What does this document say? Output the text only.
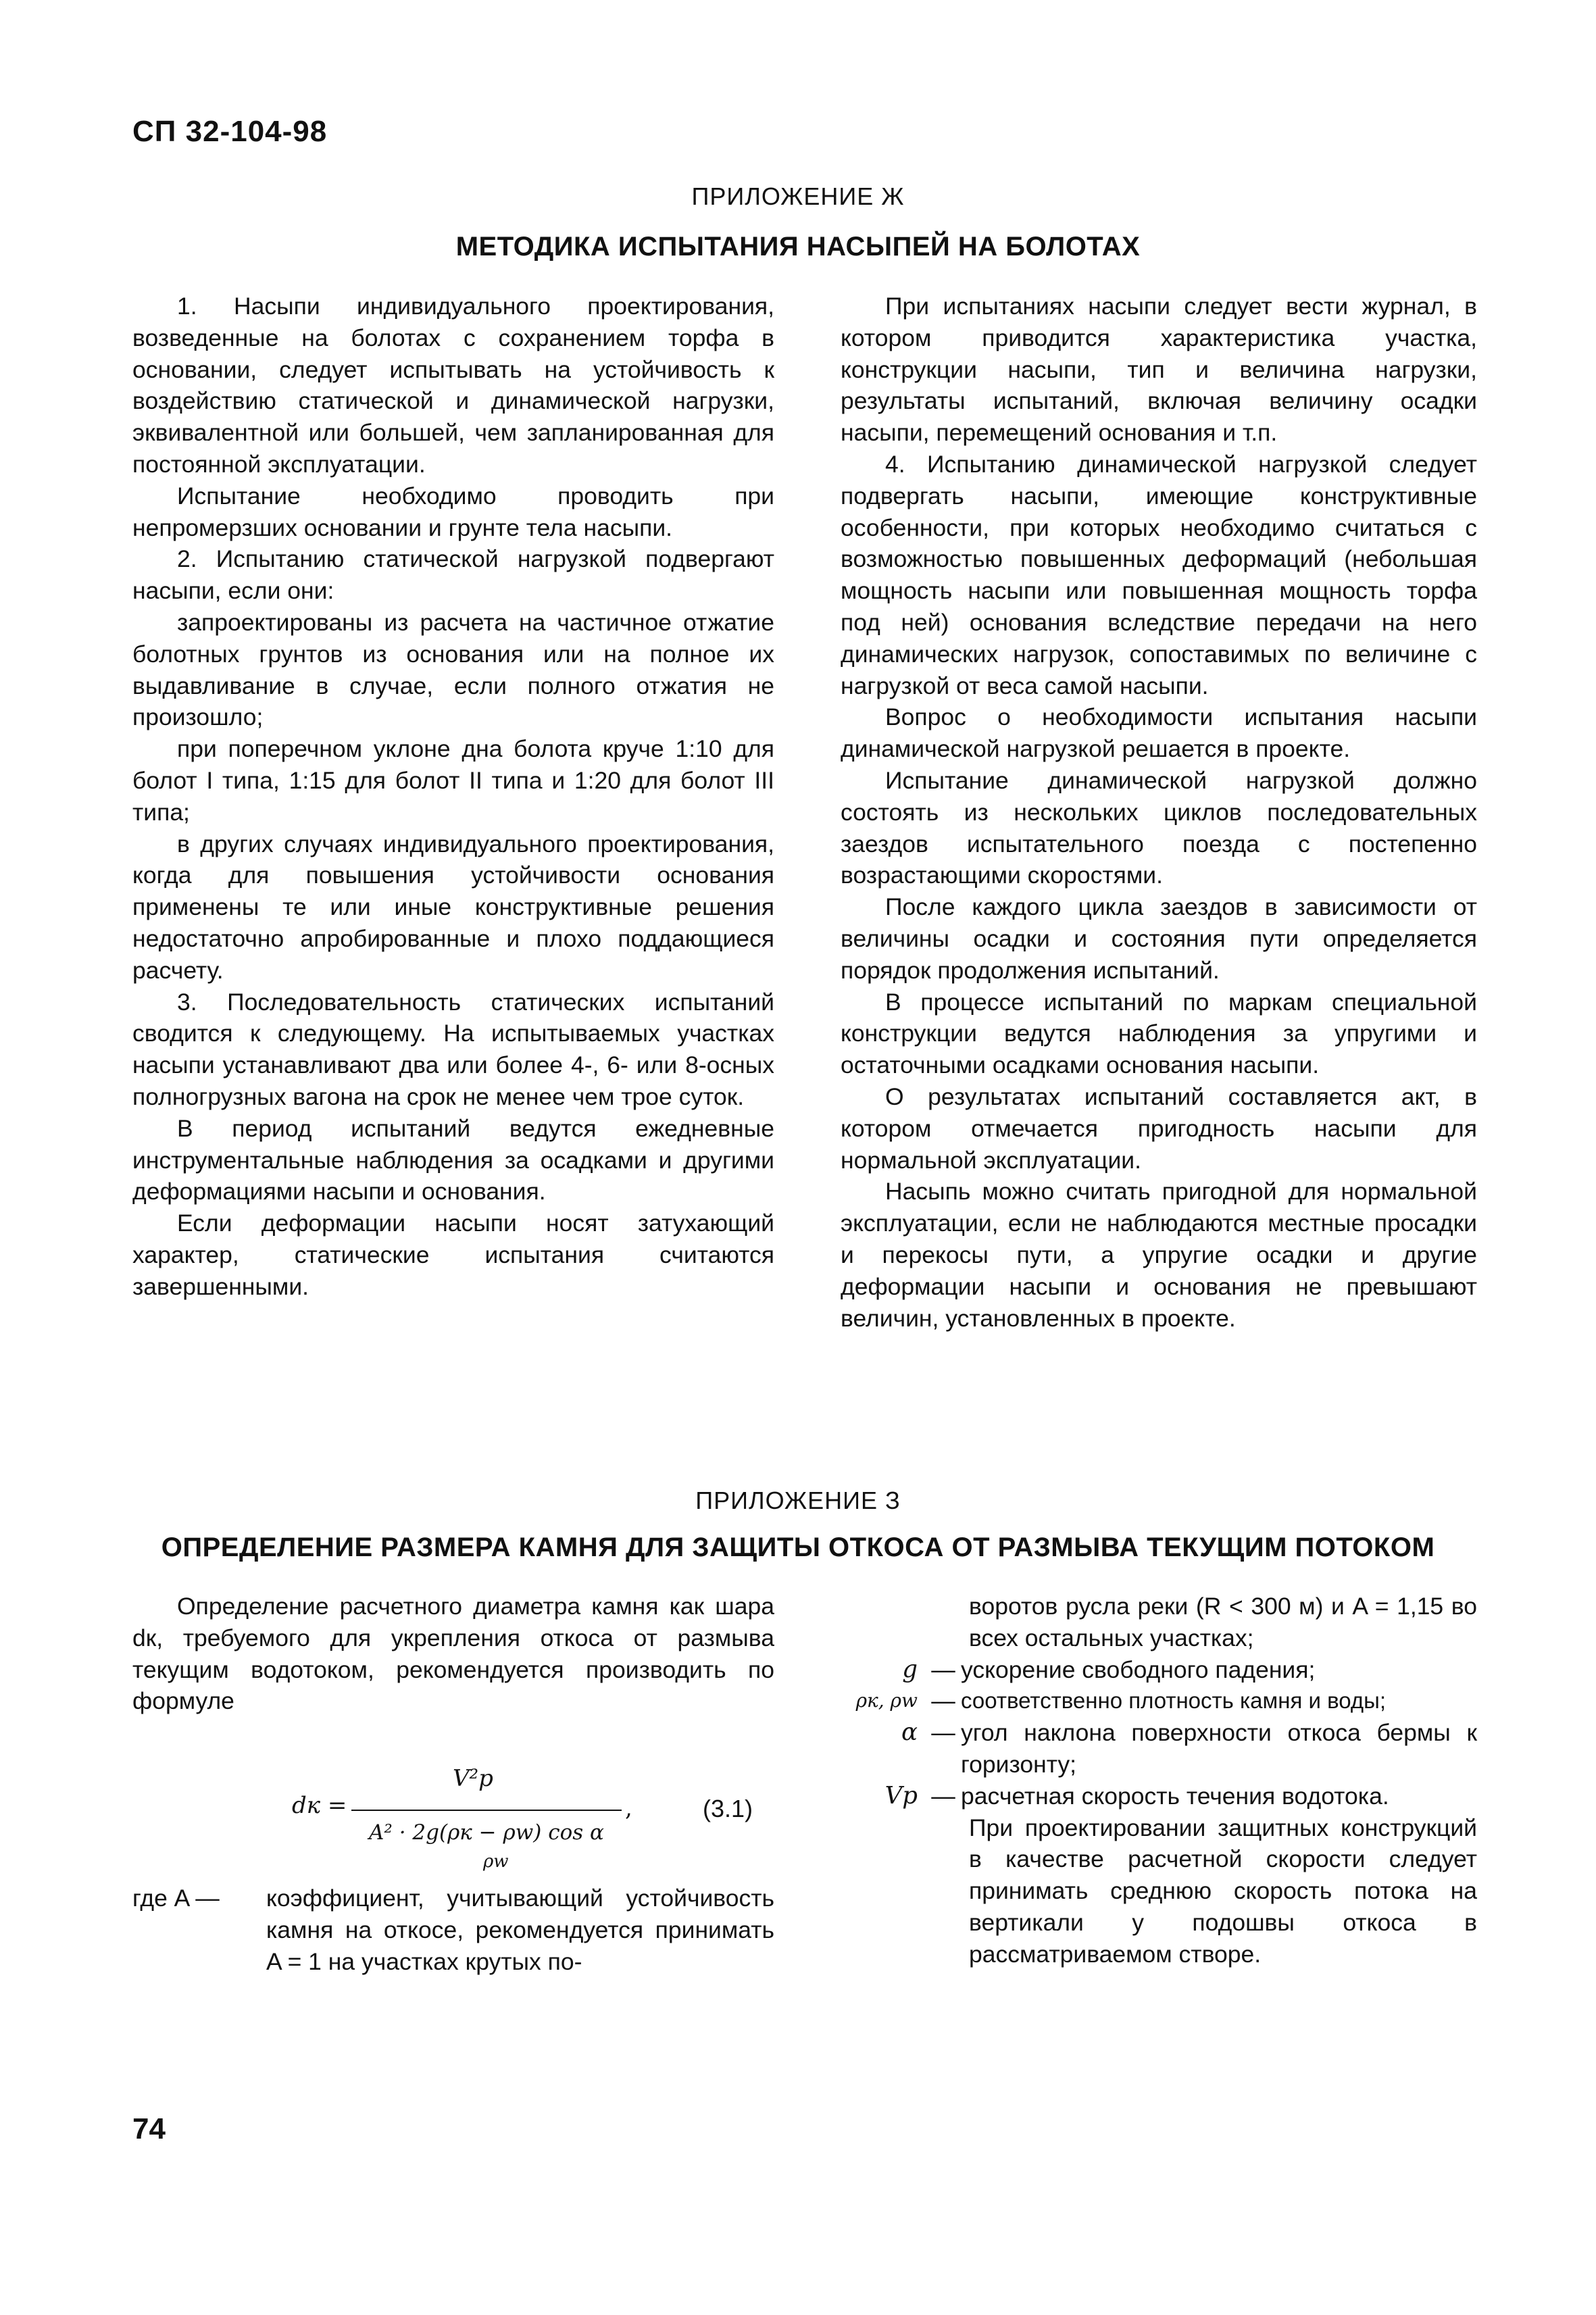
СП 32-104-98
ПРИЛОЖЕНИЕ Ж
МЕТОДИКА ИСПЫТАНИЯ НАСЫПЕЙ НА БОЛОТАХ

1. Насыпи индивидуального проектирования, возведенные на болотах с сохранением торфа в основании, следует испытывать на устойчивость к воздействию статической и динамической нагрузки, эквивалентной или большей, чем запланированная для постоянной эксплуатации.

Испытание необходимо проводить при непромерзших основании и грунте тела насыпи.

2. Испытанию статической нагрузкой подвергают насыпи, если они:

запроектированы из расчета на частичное отжатие болотных грунтов из основания или на полное их выдавливание в случае, если полного отжатия не произошло;

при поперечном уклоне дна болота круче 1:10 для болот I типа, 1:15 для болот II типа и 1:20 для болот III типа;

в других случаях индивидуального проектирования, когда для повышения устойчивости основания применены те или иные конструктивные решения недостаточно апробированные и плохо поддающиеся расчету.

3. Последовательность статических испытаний сводится к следующему. На испытываемых участках насыпи устанавливают два или более 4-, 6- или 8-осных полногрузных вагона на срок не менее чем трое суток.

В период испытаний ведутся ежедневные инструментальные наблюдения за осадками и другими деформациями насыпи и основания.

Если деформации насыпи носят затухающий характер, статические испытания считаются завершенными.

При испытаниях насыпи следует вести журнал, в котором приводится характеристика участка, конструкции насыпи, тип и величина нагрузки, результаты испытаний, включая величину осадки насыпи, перемещений основания и т.п.

4. Испытанию динамической нагрузкой следует подвергать насыпи, имеющие конструктивные особенности, при которых необходимо считаться с возможностью повышенных деформаций (небольшая мощность насыпи или повышенная мощность торфа под ней) основания вследствие передачи на него динамических нагрузок, сопоставимых по величине с нагрузкой от веса самой насыпи.

Вопрос о необходимости испытания насыпи динамической нагрузкой решается в проекте.

Испытание динамической нагрузкой должно состоять из нескольких циклов последовательных заездов испытательного поезда с постепенно возрастающими скоростями.

После каждого цикла заездов в зависимости от величины осадки и состояния пути определяется порядок продолжения испытаний.

В процессе испытаний по маркам специальной конструкции ведутся наблюдения за упругими и остаточными осадками основания насыпи.

О результатах испытаний составляется акт, в котором отмечается пригодность насыпи для нормальной эксплуатации.

Насыпь можно считать пригодной для нормальной эксплуатации, если не наблюдаются местные просадки и перекосы пути, а упругие осадки и другие деформации насыпи и основания не превышают величин, установленных в проекте.

ПРИЛОЖЕНИЕ З
ОПРЕДЕЛЕНИЕ РАЗМЕРА КАМНЯ ДЛЯ ЗАЩИТЫ ОТКОСА ОТ РАЗМЫВА ТЕКУЩИМ ПОТОКОМ

Определение расчетного диаметра камня как шара dк, требуемого для укрепления откоса от размыва текущим водотоком, рекомендуется производить по формуле

dк =
V²p
A² · 2g(ρк − ρw) cos α
,	(3.1)
ρw
где A —	коэффициент, учитывающий устойчивость камня на откосе, рекомендуется принимать A = 1 на участках крутых по-
воротов русла реки (R < 300 м) и A = 1,15 во всех остальных участках;
g — ускорение свободного падения;
ρк, ρw — соответственно плотность камня и воды;
α — угол наклона поверхности откоса бермы к горизонту;
Vp — расчетная скорость течения водотока.
При проектировании защитных конструкций в качестве расчетной скорости следует принимать среднюю скорость потока на вертикали у подошвы откоса в рассматриваемом створе.
74
